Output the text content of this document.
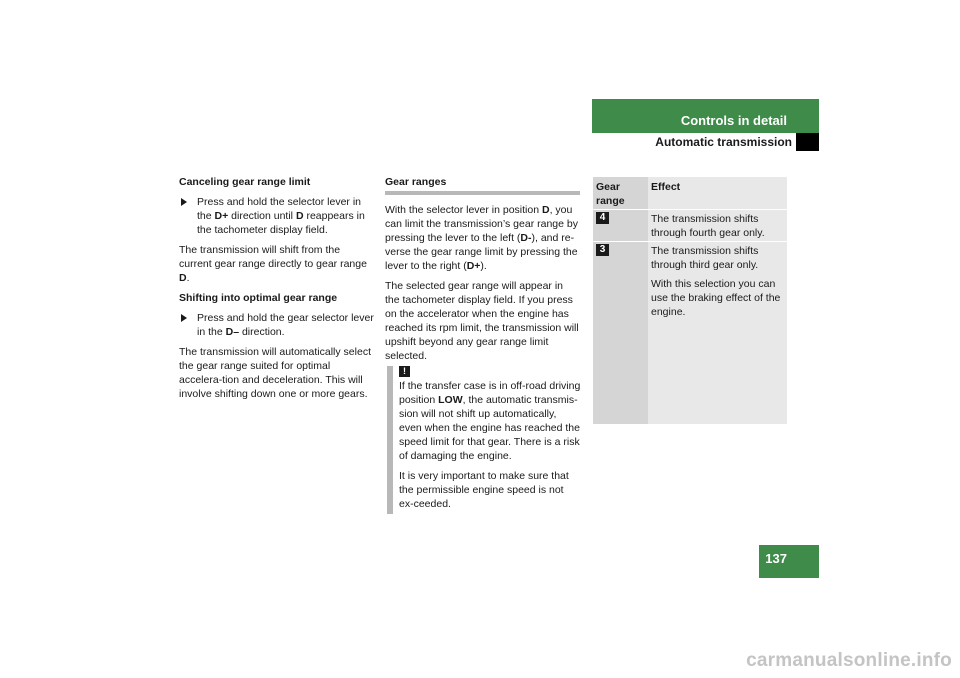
Controls in detail
Automatic transmission
Canceling gear range limit
Press and hold the selector lever in the D+ direction until D reappears in the tachometer display field.

The transmission will shift from the current gear range directly to gear range D.

Shifting into optimal gear range
Press and hold the gear selector lever in the D– direction.

The transmission will automatically select the gear range suited for optimal accelera-tion and deceleration. This will involve shifting down one or more gears.

Gear ranges

With the selector lever in position D, you can limit the transmission’s gear range by pressing the lever to the left (D-), and re-verse the gear range limit by pressing the lever to the right (D+).

The selected gear range will appear in the tachometer display field. If you press on the accelerator when the engine has reached its rpm limit, the transmission will upshift beyond any gear range limit selected.

!

If the transfer case is in off-road driving position LOW, the automatic transmis-sion will not shift up automatically, even when the engine has reached the speed limit for that gear. There is a risk of damaging the engine.

It is very important to make sure that the permissible engine speed is not ex-ceeded.

Gear range
Effect
4	The transmission shifts through fourth gear only.

3	The transmission shifts through third gear only.

With this selection you can use the braking effect of the engine.

137
carmanualsonline.info
